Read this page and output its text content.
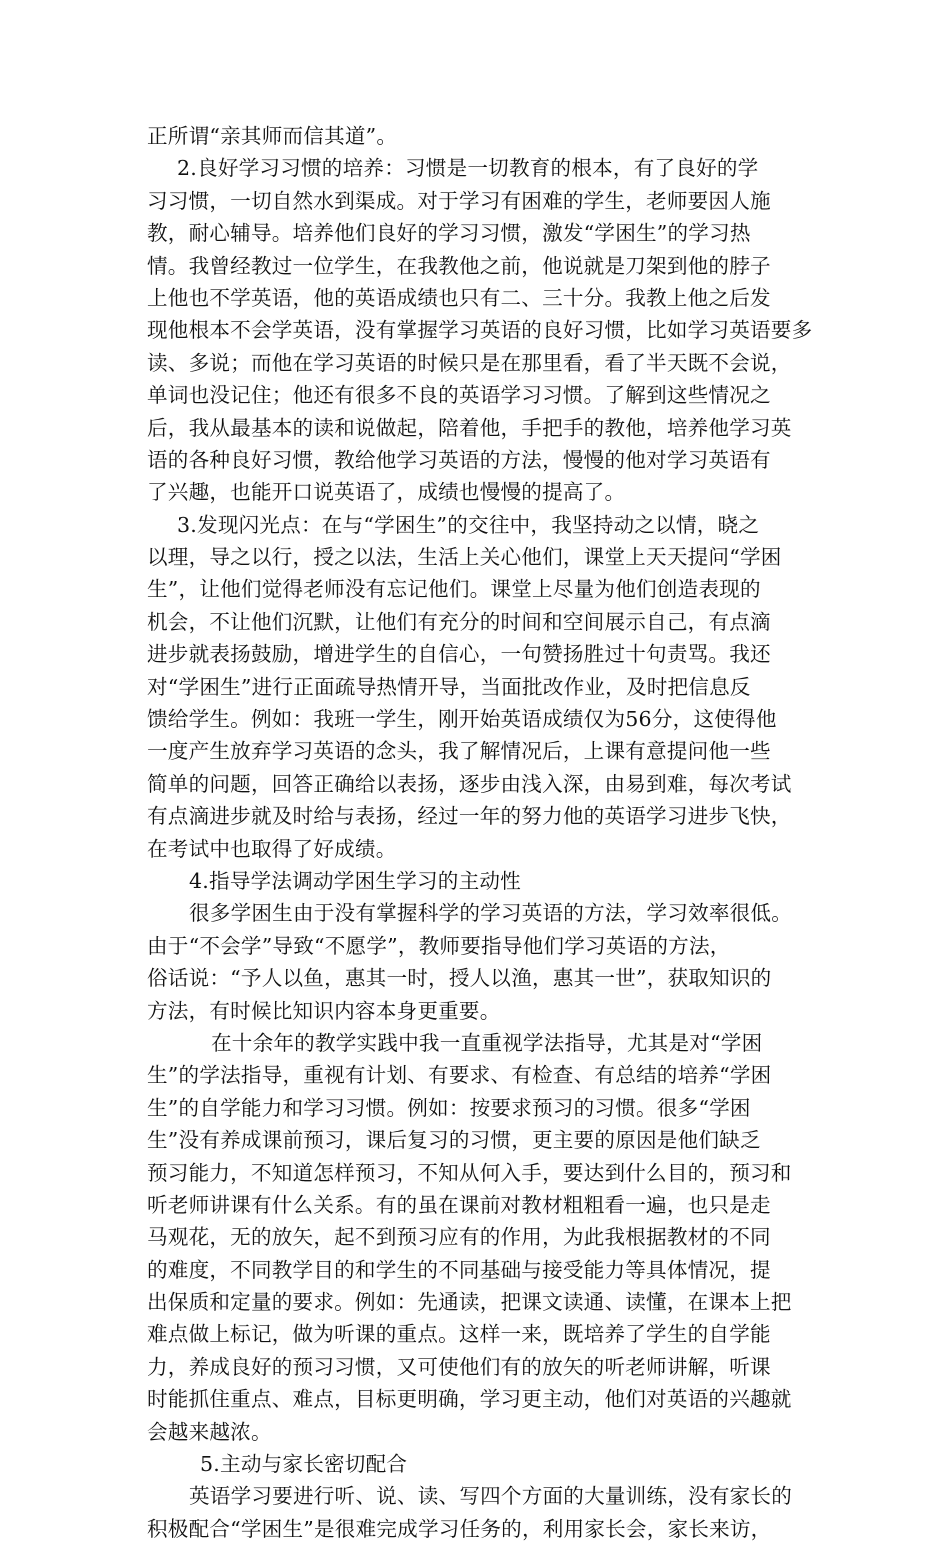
正所谓“亲其师而信其道”。
2.良好学习习惯的培养：习惯是一切教育的根本，有了良好的学
习习惯，一切自然水到渠成。对于学习有困难的学生，老师要因人施
教，耐心辅导。培养他们良好的学习习惯，激发“学困生”的学习热
情。我曾经教过一位学生，在我教他之前，他说就是刀架到他的脖子
上他也不学英语，他的英语成绩也只有二、三十分。我教上他之后发
现他根本不会学英语，没有掌握学习英语的良好习惯，比如学习英语要多
读、多说；而他在学习英语的时候只是在那里看，看了半天既不会说，
单词也没记住；他还有很多不良的英语学习习惯。了解到这些情况之
后，我从最基本的读和说做起，陪着他，手把手的教他，培养他学习英
语的各种良好习惯，教给他学习英语的方法，慢慢的他对学习英语有
了兴趣，也能开口说英语了，成绩也慢慢的提高了。
3.发现闪光点：在与“学困生”的交往中，我坚持动之以情，晓之
以理，导之以行，授之以法，生活上关心他们，课堂上天天提问“学困
生”，让他们觉得老师没有忘记他们。课堂上尽量为他们创造表现的
机会，不让他们沉默，让他们有充分的时间和空间展示自己，有点滴
进步就表扬鼓励，增进学生的自信心，一句赞扬胜过十句责骂。我还
对“学困生”进行正面疏导热情开导，当面批改作业，及时把信息反
馈给学生。例如：我班一学生，刚开始英语成绩仅为56分，这使得他
一度产生放弃学习英语的念头，我了解情况后，上课有意提问他一些
简单的问题，回答正确给以表扬，逐步由浅入深，由易到难，每次考试
有点滴进步就及时给与表扬，经过一年的努力他的英语学习进步飞快，
在考试中也取得了好成绩。
4.指导学法调动学困生学习的主动性
很多学困生由于没有掌握科学的学习英语的方法，学习效率很低。
由于“不会学”导致“不愿学”，教师要指导他们学习英语的方法，
俗话说：“予人以鱼，惠其一时，授人以渔，惠其一世”，获取知识的
方法，有时候比知识内容本身更重要。
在十余年的教学实践中我一直重视学法指导，尤其是对“学困
生”的学法指导，重视有计划、有要求、有检查、有总结的培养“学困
生”的自学能力和学习习惯。例如：按要求预习的习惯。很多“学困
生”没有养成课前预习，课后复习的习惯，更主要的原因是他们缺乏
预习能力，不知道怎样预习，不知从何入手，要达到什么目的，预习和
听老师讲课有什么关系。有的虽在课前对教材粗粗看一遍，也只是走
马观花，无的放矢，起不到预习应有的作用，为此我根据教材的不同
的难度，不同教学目的和学生的不同基础与接受能力等具体情况，提
出保质和定量的要求。例如：先通读，把课文读通、读懂，在课本上把
难点做上标记，做为听课的重点。这样一来，既培养了学生的自学能
力，养成良好的预习习惯，又可使他们有的放矢的听老师讲解，听课
时能抓住重点、难点，目标更明确，学习更主动，他们对英语的兴趣就
会越来越浓。
5.主动与家长密切配合
英语学习要进行听、说、读、写四个方面的大量训练，没有家长的
积极配合“学困生”是很难完成学习任务的，利用家长会，家长来访，
